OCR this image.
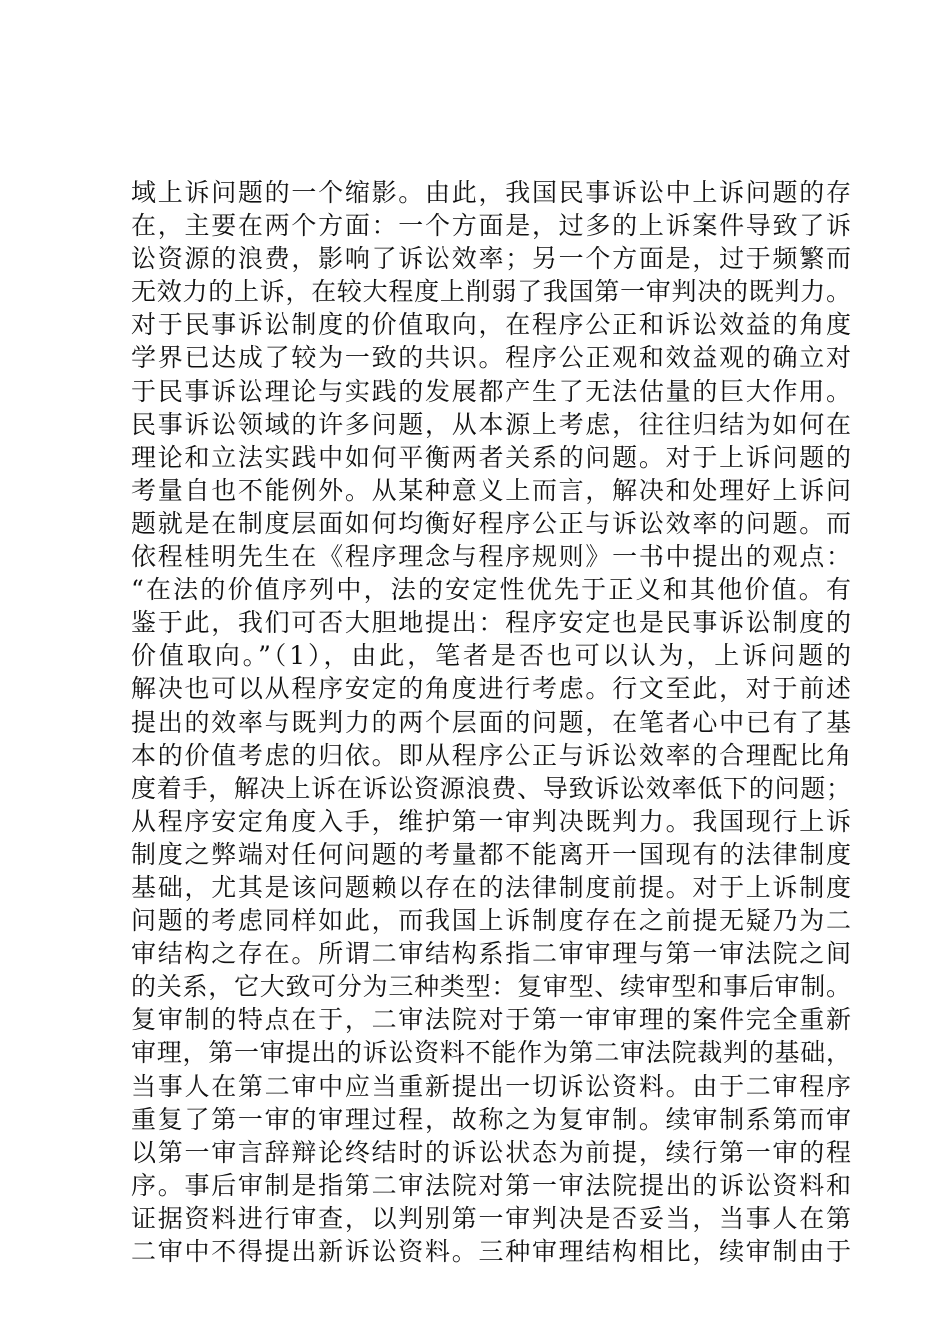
域上诉问题的一个缩影。由此，我国民事诉讼中上诉问题的存
在，主要在两个方面：一个方面是，过多的上诉案件导致了诉
讼资源的浪费，影响了诉讼效率；另一个方面是，过于频繁而
无效力的上诉，在较大程度上削弱了我国第一审判决的既判力。
对于民事诉讼制度的价值取向，在程序公正和诉讼效益的角度
学界已达成了较为一致的共识。程序公正观和效益观的确立对
于民事诉讼理论与实践的发展都产生了无法估量的巨大作用。
民事诉讼领域的许多问题，从本源上考虑，往往归结为如何在
理论和立法实践中如何平衡两者关系的问题。对于上诉问题的
考量自也不能例外。从某种意义上而言，解决和处理好上诉问
题就是在制度层面如何均衡好程序公正与诉讼效率的问题。而
依程桂明先生在《程序理念与程序规则》一书中提出的观点：
“在法的价值序列中，法的安定性优先于正义和其他价值。有
鉴于此，我们可否大胆地提出：程序安定也是民事诉讼制度的
价值取向。”（1），由此，笔者是否也可以认为，上诉问题的
解决也可以从程序安定的角度进行考虑。行文至此，对于前述
提出的效率与既判力的两个层面的问题，在笔者心中已有了基
本的价值考虑的归依。即从程序公正与诉讼效率的合理配比角
度着手，解决上诉在诉讼资源浪费、导致诉讼效率低下的问题；
从程序安定角度入手，维护第一审判决既判力。我国现行上诉
制度之弊端对任何问题的考量都不能离开一国现有的法律制度
基础，尤其是该问题赖以存在的法律制度前提。对于上诉制度
问题的考虑同样如此，而我国上诉制度存在之前提无疑乃为二
审结构之存在。所谓二审结构系指二审审理与第一审法院之间
的关系，它大致可分为三种类型：复审型、续审型和事后审制。
复审制的特点在于，二审法院对于第一审审理的案件完全重新
审理，第一审提出的诉讼资料不能作为第二审法院裁判的基础，
当事人在第二审中应当重新提出一切诉讼资料。由于二审程序
重复了第一审的审理过程，故称之为复审制。续审制系第而审
以第一审言辞辩论终结时的诉讼状态为前提，续行第一审的程
序。事后审制是指第二审法院对第一审法院提出的诉讼资料和
证据资料进行审查，以判别第一审判决是否妥当，当事人在第
二审中不得提出新诉讼资料。三种审理结构相比，续审制由于
